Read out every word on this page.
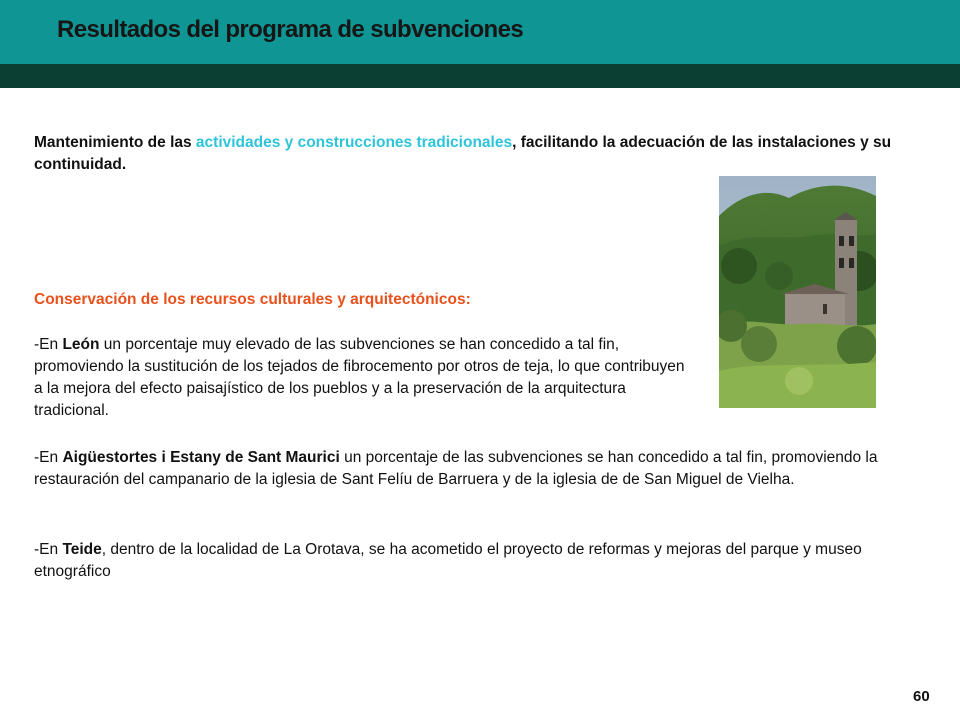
Resultados del programa de subvenciones
Mantenimiento de las actividades y construcciones tradicionales, facilitando la adecuación de las instalaciones y su continuidad.
Conservación de los recursos culturales y arquitectónicos:
-En León un porcentaje muy elevado de las subvenciones se han concedido a tal fin, promoviendo la sustitución de los tejados de fibrocemento por otros de teja, lo que contribuyen a la mejora del efecto paisajístico de los pueblos y a la preservación de la arquitectura tradicional.
-En Aigüestortes i Estany de Sant Maurici un porcentaje de las subvenciones se han concedido a tal fin, promoviendo la restauración del campanario de la iglesia de Sant Felíu de Barruera y de la iglesia de de San Miguel de Vielha.
-En Teide, dentro de la localidad de La Orotava, se ha acometido el proyecto de reformas y mejoras del parque y museo etnográfico
60
